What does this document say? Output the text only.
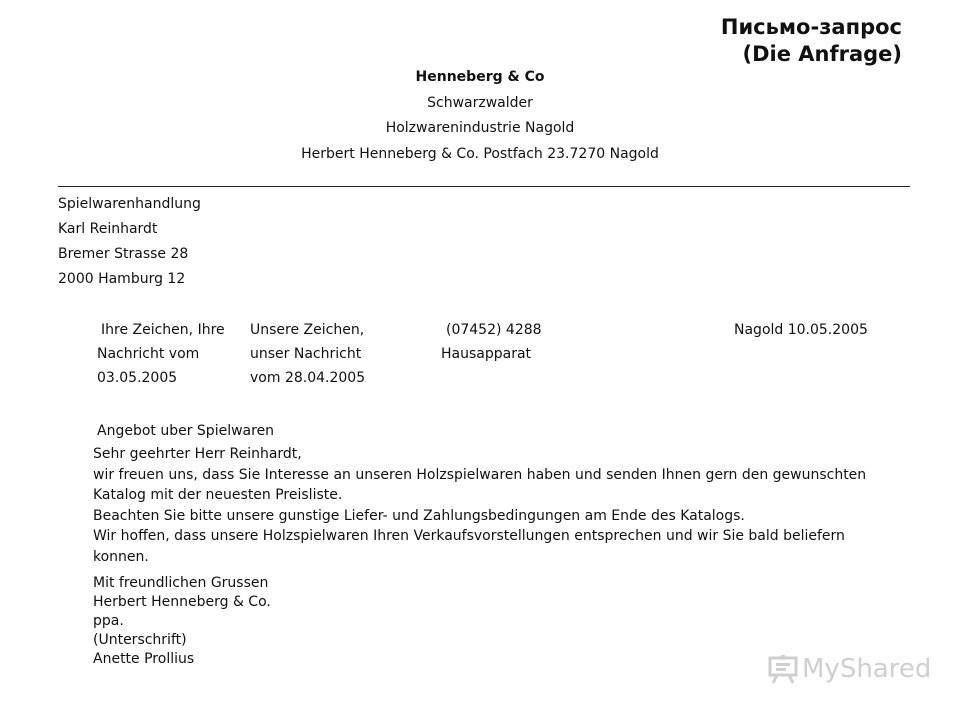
Письмо-запрос
(Die Anfrage)
Henneberg & Co
Schwarzwalder
Holzwarenindustrie Nagold
Herbert Henneberg & Co. Postfach 23.7270 Nagold
Spielwarenhandlung
Karl Reinhardt
Bremer Strasse 28
2000 Hamburg 12
Ihre Zeichen, Ihre
Nachricht vom
03.05.2005
Unsere Zeichen,
unser Nachricht
vom 28.04.2005
(07452) 4288
Hausapparat
Nagold 10.05.2005
Angebot uber Spielwaren

Sehr geehrter Herr Reinhardt,

wir freuen uns, dass Sie Interesse an unseren Holzspielwaren haben und senden Ihnen gern den gewunschten Katalog mit der neuesten Preisliste.

Beachten Sie bitte unsere gunstige Liefer- und Zahlungsbedingungen am Ende des Katalogs.

Wir hoffen, dass unsere Holzspielwaren Ihren Verkaufsvorstellungen entsprechen und wir Sie bald beliefern konnen.

Mit freundlichen Grussen
Herbert Henneberg & Co.
ppa.
(Unterschrift)
Anette Prollius	MyShared
